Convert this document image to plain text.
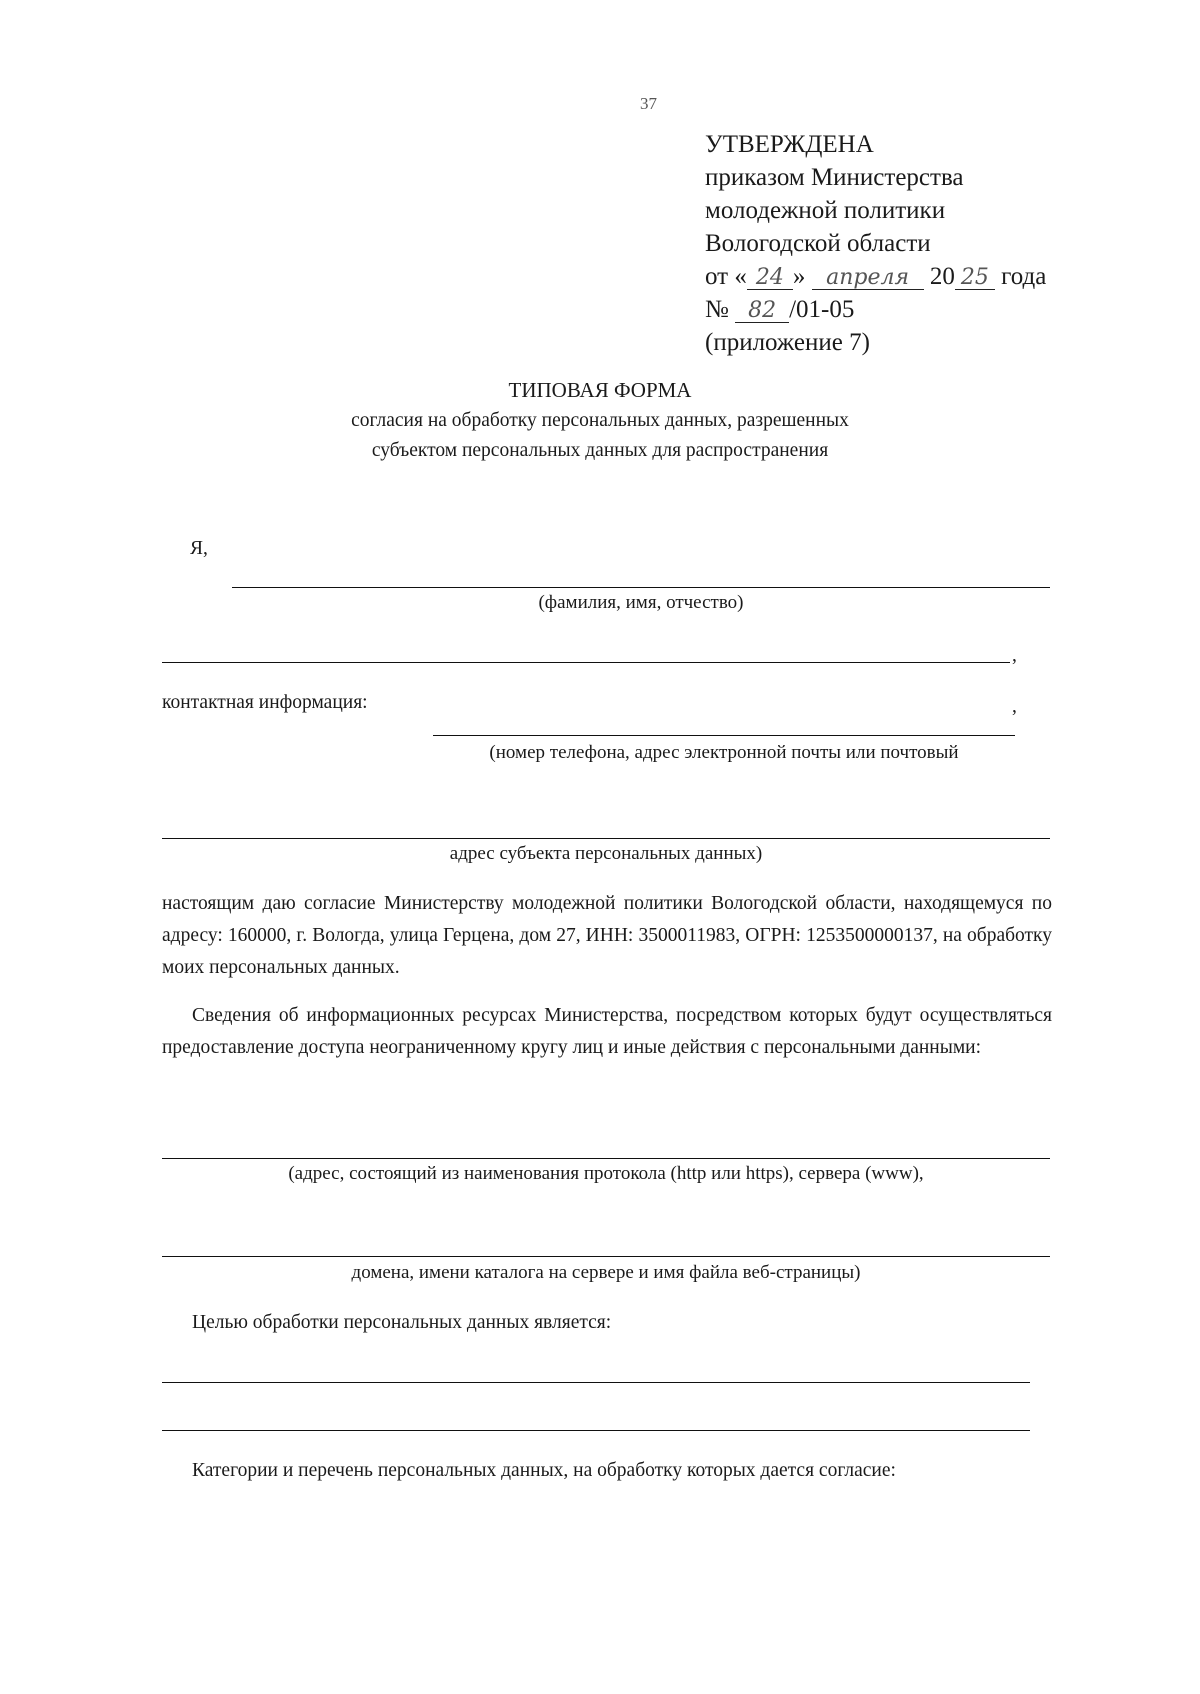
37
УТВЕРЖДЕНА
приказом Министерства
молодежной политики
Вологодской области
от « 24 » апреля 20 25 года
№ 82 /01-05
(приложение 7)
ТИПОВАЯ ФОРМА
согласия на обработку персональных данных, разрешенных
субъектом персональных данных для распространения
Я,
(фамилия, имя, отчество)
,
контактная информация:	,
(номер телефона, адрес электронной почты или почтовый
адрес субъекта персональных данных)
настоящим даю согласие Министерству молодежной политики Вологодской области, находящемуся по адресу: 160000, г. Вологда, улица Герцена, дом 27, ИНН: 3500011983, ОГРН: 1253500000137, на обработку моих персональных данных.
Сведения об информационных ресурсах Министерства, посредством которых будут осуществляться предоставление доступа неограниченному кругу лиц и иные действия с персональными данными:
(адрес, состоящий из наименования протокола (http или https), сервера (www),
домена, имени каталога на сервере и имя файла веб-страницы)
Целью обработки персональных данных является:
Категории и перечень персональных данных, на обработку которых дается согласие:
